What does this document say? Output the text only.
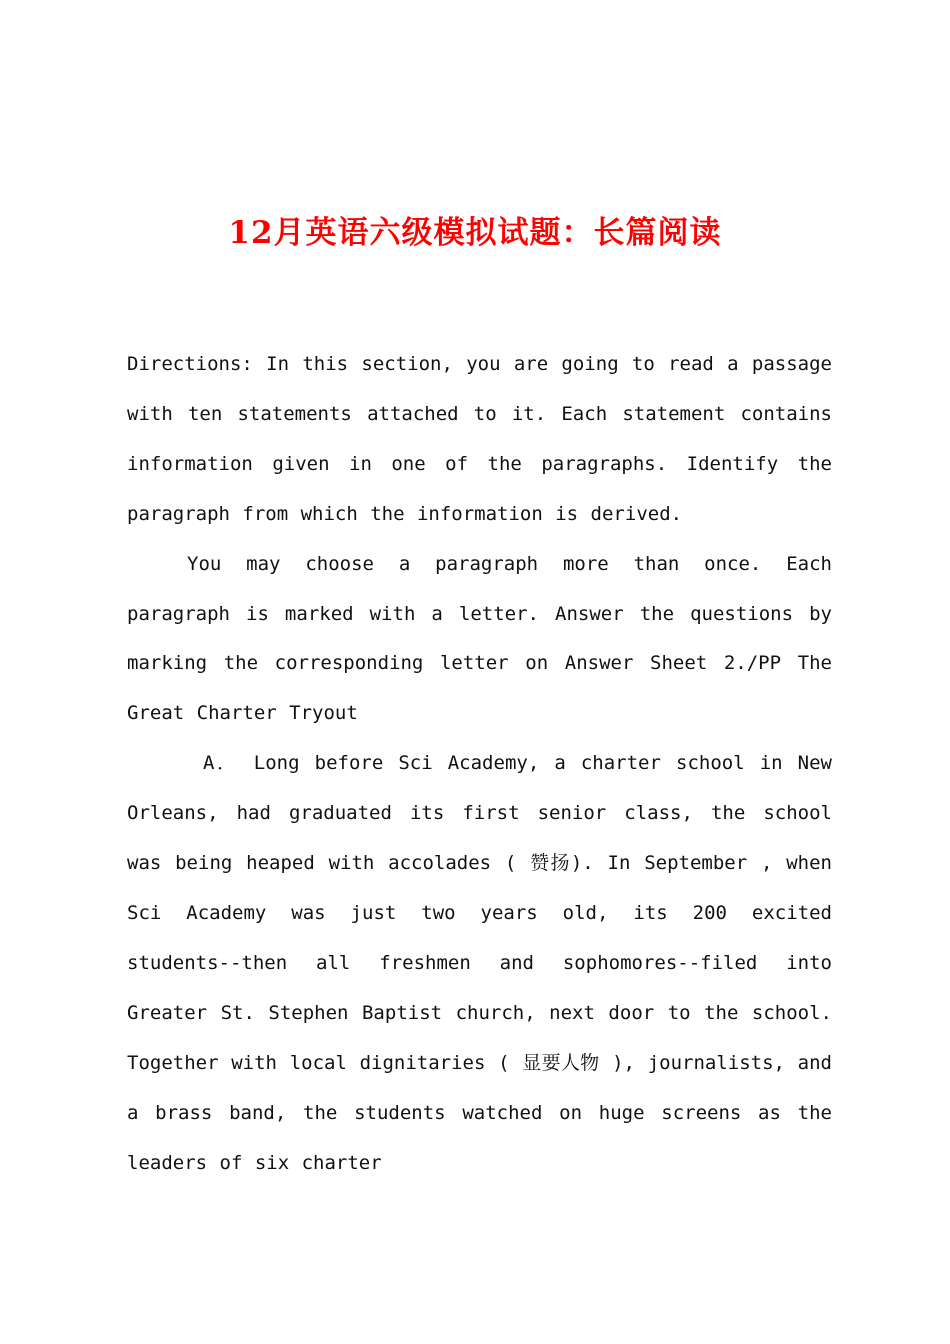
12月英语六级模拟试题：长篇阅读

Directions: In this section, you are going to read a passage with ten statements attached to it. Each statement contains information given in one of the paragraphs. Identify the paragraph from which the information is derived.

You may choose a paragraph more than once. Each paragraph is marked with a letter. Answer the questions by marking the corresponding letter on Answer Sheet 2./PP The Great Charter Tryout

A． Long before Sci Academy, a charter school in New Orleans, had graduated its first senior class, the school was being heaped with accolades ( 赞扬). In September , when Sci Academy was just two years old, its 200 excited students--then all freshmen and sophomores--filed into Greater St. Stephen Baptist church, next door to the school. Together with local dignitaries ( 显要人物 ), journalists, and a brass band, the students watched on huge screens as the leaders of six charter
